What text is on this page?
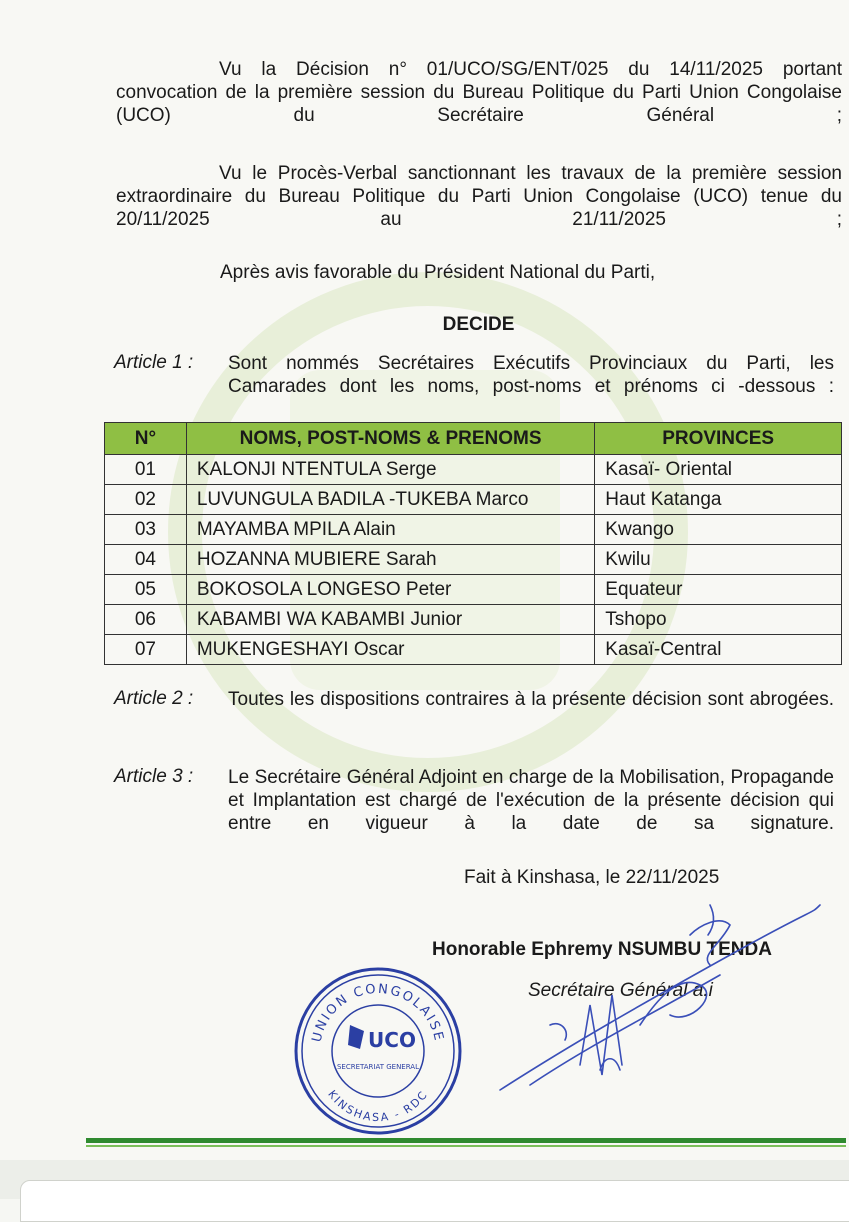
Vu la Décision n° 01/UCO/SG/ENT/025 du 14/11/2025 portant convocation de la première session du Bureau Politique du Parti Union Congolaise (UCO) du Secrétaire Général ;

Vu le Procès-Verbal sanctionnant les travaux de la première session extraordinaire du Bureau Politique du Parti Union Congolaise (UCO) tenue du 20/11/2025 au 21/11/2025 ;

Après avis favorable du Président National du Parti,

DECIDE
Article 1 : Sont nommés Secrétaires Exécutifs Provinciaux du Parti, les Camarades dont les noms, post-noms et prénoms ci -dessous :

N°	NOMS, POST-NOMS & PRENOMS	PROVINCES
01	KALONJI NTENTULA Serge	Kasaï- Oriental
02	LUVUNGULA BADILA -TUKEBA Marco	Haut Katanga
03	MAYAMBA MPILA Alain	Kwango
04	HOZANNA MUBIERE Sarah	Kwilu
05	BOKOSOLA LONGESO Peter	Equateur
06	KABAMBI WA KABAMBI Junior	Tshopo
07	MUKENGESHAYI Oscar	Kasaï-Central
Article 2 : Toutes les dispositions contraires à la présente décision sont abrogées.

Article 3 : Le Secrétaire Général Adjoint en charge de la Mobilisation, Propagande et Implantation est chargé de l'exécution de la présente décision qui entre en vigueur à la date de sa signature.

Fait à Kinshasa, le 22/11/2025
Honorable Ephremy NSUMBU TENDA
Secrétaire Général a.i
UNION CONGOLAISE
KINSHASA - RDC
UCO
SECRETARIAT GENERAL
